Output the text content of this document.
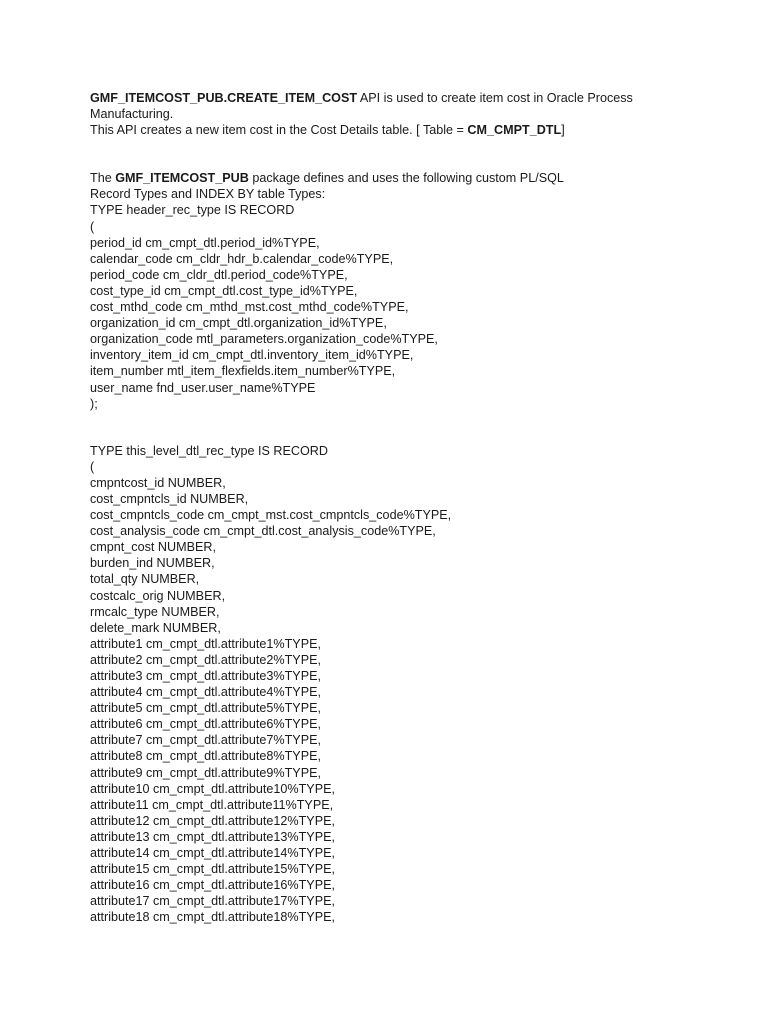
GMF_ITEMCOST_PUB.CREATE_ITEM_COST API is used to create item cost in Oracle Process
Manufacturing.
This API creates a new item cost in the Cost Details table. [ Table = CM_CMPT_DTL]
The GMF_ITEMCOST_PUB package defines and uses the following custom PL/SQL
Record Types and INDEX BY table Types:
TYPE header_rec_type IS RECORD
(
period_id cm_cmpt_dtl.period_id%TYPE,
calendar_code cm_cldr_hdr_b.calendar_code%TYPE,
period_code cm_cldr_dtl.period_code%TYPE,
cost_type_id cm_cmpt_dtl.cost_type_id%TYPE,
cost_mthd_code cm_mthd_mst.cost_mthd_code%TYPE,
organization_id cm_cmpt_dtl.organization_id%TYPE,
organization_code mtl_parameters.organization_code%TYPE,
inventory_item_id cm_cmpt_dtl.inventory_item_id%TYPE,
item_number mtl_item_flexfields.item_number%TYPE,
user_name fnd_user.user_name%TYPE
);
TYPE this_level_dtl_rec_type IS RECORD
(
cmpntcost_id NUMBER,
cost_cmpntcls_id NUMBER,
cost_cmpntcls_code cm_cmpt_mst.cost_cmpntcls_code%TYPE,
cost_analysis_code cm_cmpt_dtl.cost_analysis_code%TYPE,
cmpnt_cost NUMBER,
burden_ind NUMBER,
total_qty NUMBER,
costcalc_orig NUMBER,
rmcalc_type NUMBER,
delete_mark NUMBER,
attribute1 cm_cmpt_dtl.attribute1%TYPE,
attribute2 cm_cmpt_dtl.attribute2%TYPE,
attribute3 cm_cmpt_dtl.attribute3%TYPE,
attribute4 cm_cmpt_dtl.attribute4%TYPE,
attribute5 cm_cmpt_dtl.attribute5%TYPE,
attribute6 cm_cmpt_dtl.attribute6%TYPE,
attribute7 cm_cmpt_dtl.attribute7%TYPE,
attribute8 cm_cmpt_dtl.attribute8%TYPE,
attribute9 cm_cmpt_dtl.attribute9%TYPE,
attribute10 cm_cmpt_dtl.attribute10%TYPE,
attribute11 cm_cmpt_dtl.attribute11%TYPE,
attribute12 cm_cmpt_dtl.attribute12%TYPE,
attribute13 cm_cmpt_dtl.attribute13%TYPE,
attribute14 cm_cmpt_dtl.attribute14%TYPE,
attribute15 cm_cmpt_dtl.attribute15%TYPE,
attribute16 cm_cmpt_dtl.attribute16%TYPE,
attribute17 cm_cmpt_dtl.attribute17%TYPE,
attribute18 cm_cmpt_dtl.attribute18%TYPE,
